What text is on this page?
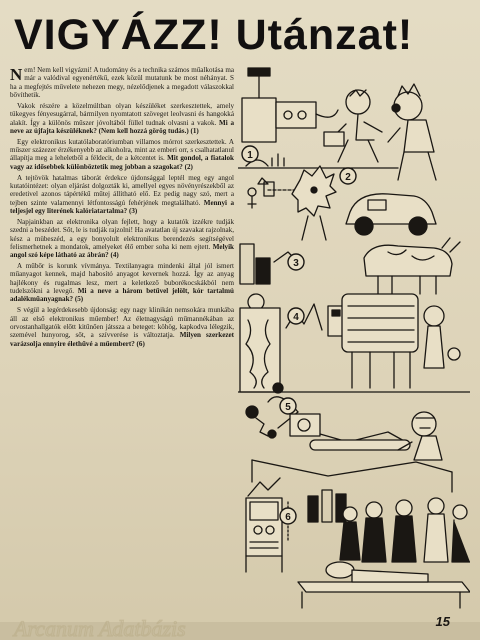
VIGYÁZZ! Utánzat!

Nem! Nem kell vigyázni! A tudomány és a technika számos műalkotása ma már a valódival egyenértékű, ezek közül mutatunk be most néhányat. S ha a megfejtés művelete nehezen megy, nézelődjenek a megadott válaszokkal bővíthetik.

Vakok részére a közelmúltban olyan készüléket szerkesztettek, amely tükegyes fényesugárral, bármilyen nyomtatott szöveget leolvasni és hangokká alakít. Így a különös műszer jóvoltából füllel tudnak olvasni a vakok. Mi a neve az újfajta készüléknek? (Nem kell hozzá görög tudás.) (1)

Egy elektronikus kutatólaboratóriumban villamos mórrot szerkesztettek. A műszer százezer érzékenyebb az alkoholra, mint az emberi orr, s csalhatatlanul állapítja meg a leheletből a féldecit, de a kétcentet is. Mit gondol, a fiatalok vagy az idősebbek különböztetik meg jobban a szagokat? (2)

A tejtövök hatalmas táborát érdekce újdonsággal leptél meg egy angol kutatóintézet: olyan eljárást dolgozták ki, amellyel egyes növényrészekből az eredetivel azonos tápértékű műtej állítható elő. Ez pedig nagy szó, mert a tejben szinte valamennyi létfontosságú fehérjének megtalálható. Mennyi a teljesjel egy literének kalóriatartalma? (3)

Napjainkban az elektronika olyan fejlett, hogy a kutatók izzékre tudják szedni a beszédet. Sőt, le is tudják rajzolni! Ha avatatlan új szavakat rajzolnak, kész a mübeszéd, a egy bonyolult elektronikus berendezés segítségével felismerhetnek a mondatok, amelyeket élő ember soha ki nem ejtett. Melyik angol szó képe látható az ábrán? (4)

A műbőr is korunk vívmánya. Textilanyagra mindenki által jól ismert műanyagot kennek, majd habosító anyagot kevernek hozzá. Így az anyag hajlékony és rugalmas lesz, mert a keletkező buborékocskákból nem tudelszökni a levegő. Mi a neve a három betűvel jelölt, kór tartalmú adalékműanyagnak? (5)

S végül a legérdekesebb újdonság: egy nagy klinikán nemsokára munkába áll az első elektronikus műember! Az életnagyságú műmannékában az orvostanhallgatók előtt kitűnően játssza a beteget: köhög, kapkodva lélegzik, szemével hunyorog, sőt, a szívverése is változtatja. Milyen szerkezet varázsolja ennyire élethűvé a műembert? (6)

1
2
3
4
5
6
Arcanum Adatbázis	15
